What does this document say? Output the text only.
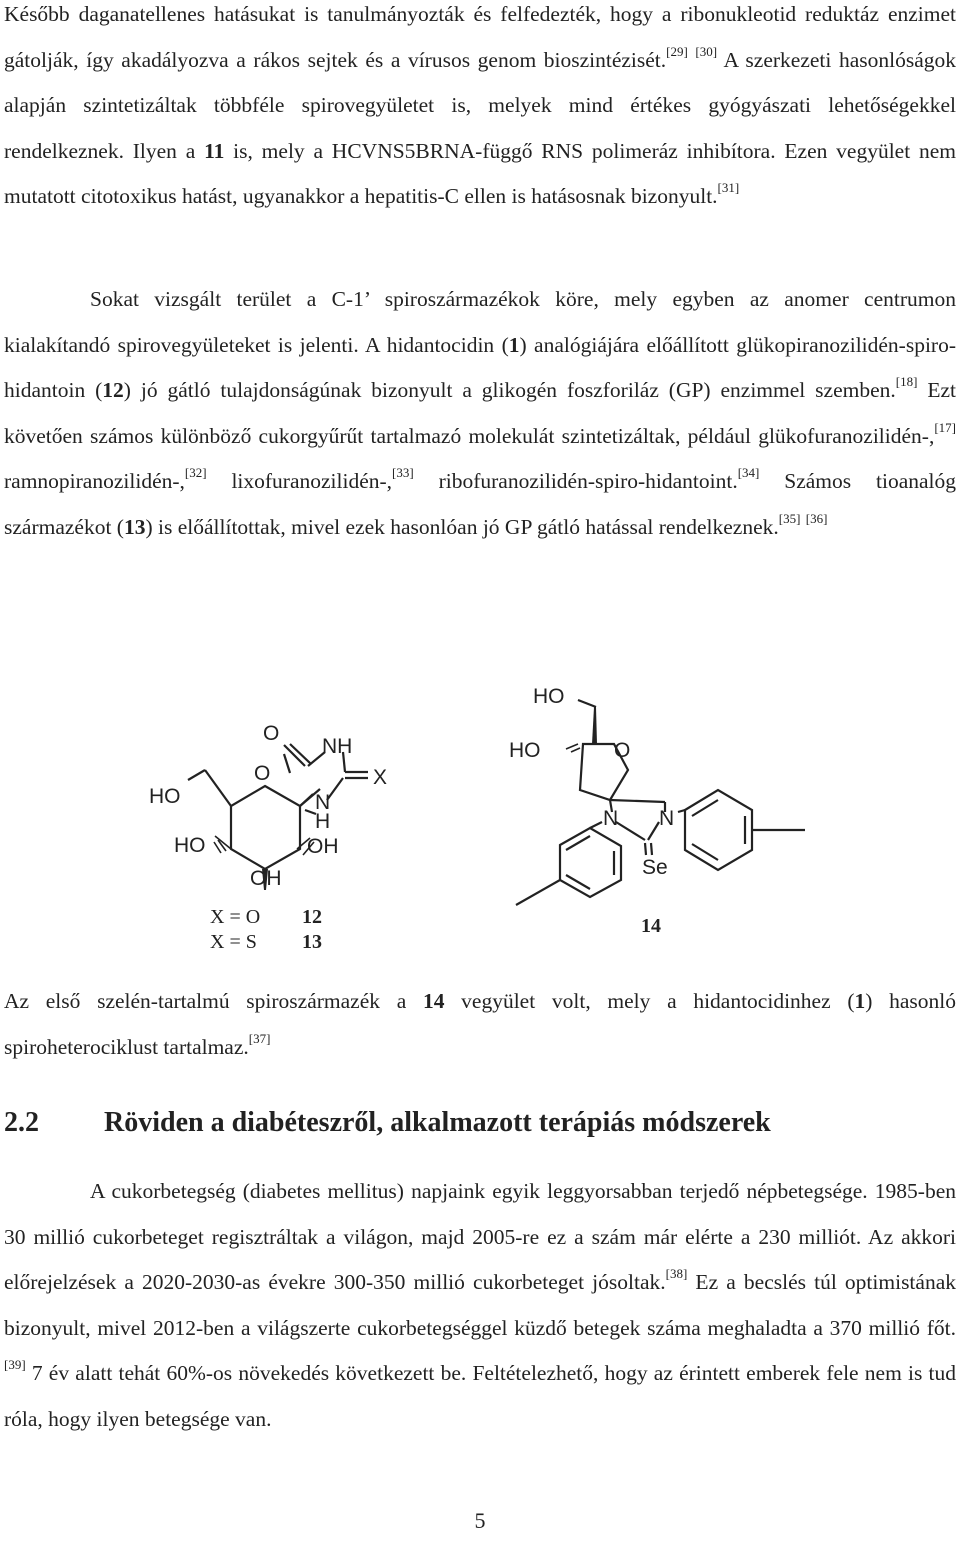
Később daganatellenes hatásukat is tanulmányozták és felfedezték, hogy a ribonukleotid reduktáz enzimet gátolják, így akadályozva a rákos sejtek és a vírusos genom bioszintézisét.[29] [30] A szerkezeti hasonlóságok alapján szintetizáltak többféle spirovegyületet is, melyek mind értékes gyógyászati lehetőségekkel rendelkeznek. Ilyen a 11 is, mely a HCVNS5BRNA-függő RNS polimeráz inhibítora. Ezen vegyület nem mutatott citotoxikus hatást, ugyanakkor a hepatitis-C ellen is hatásosnak bizonyult.[31]

Sokat vizsgált terület a C-1’ spiroszármazékok köre, mely egyben az anomer centrumon kialakítandó spirovegyületeket is jelenti. A hidantocidin (1) analógiájára előállított glükopiranozilidén-spiro-hidantoin (12) jó gátló tulajdonságúnak bizonyult a glikogén foszforiláz (GP) enzimmel szemben.[18] Ezt követően számos különböző cukorgyűrűt tartalmazó molekulát szintetizáltak, például glükofuranozilidén-,[17] ramnopiranozilidén-,[32] lixofuranozilidén-,[33] ribofuranozilidén-spiro-hidantoint.[34] Számos tioanalóg származékot (13) is előállítottak, mivel ezek hasonlóan jó GP gátló hatással rendelkeznek.[35] [36]

O
HO
HO
OH
O
NH
X
N
H
OH
X = O 12
X = S 13
HO
HO	O
N N
Se
14

Az első szelén-tartalmú spiroszármazék a 14 vegyület volt, mely a hidantocidinhez (1) hasonló spiroheterociklust tartalmaz.[37]

2.2 Röviden a diabéteszről, alkalmazott terápiás módszerek

A cukorbetegség (diabetes mellitus) napjaink egyik leggyorsabban terjedő népbetegsége. 1985-ben 30 millió cukorbeteget regisztráltak a világon, majd 2005-re ez a szám már elérte a 230 milliót. Az akkori előrejelzések a 2020-2030-as évekre 300-350 millió cukorbeteget jósoltak.[38] Ez a becslés túl optimistának bizonyult, mivel 2012-ben a világszerte cukorbetegséggel küzdő betegek száma meghaladta a 370 millió főt.[39] 7 év alatt tehát 60%-os növekedés következett be. Feltételezhető, hogy az érintett emberek fele nem is tud róla, hogy ilyen betegsége van.

5
